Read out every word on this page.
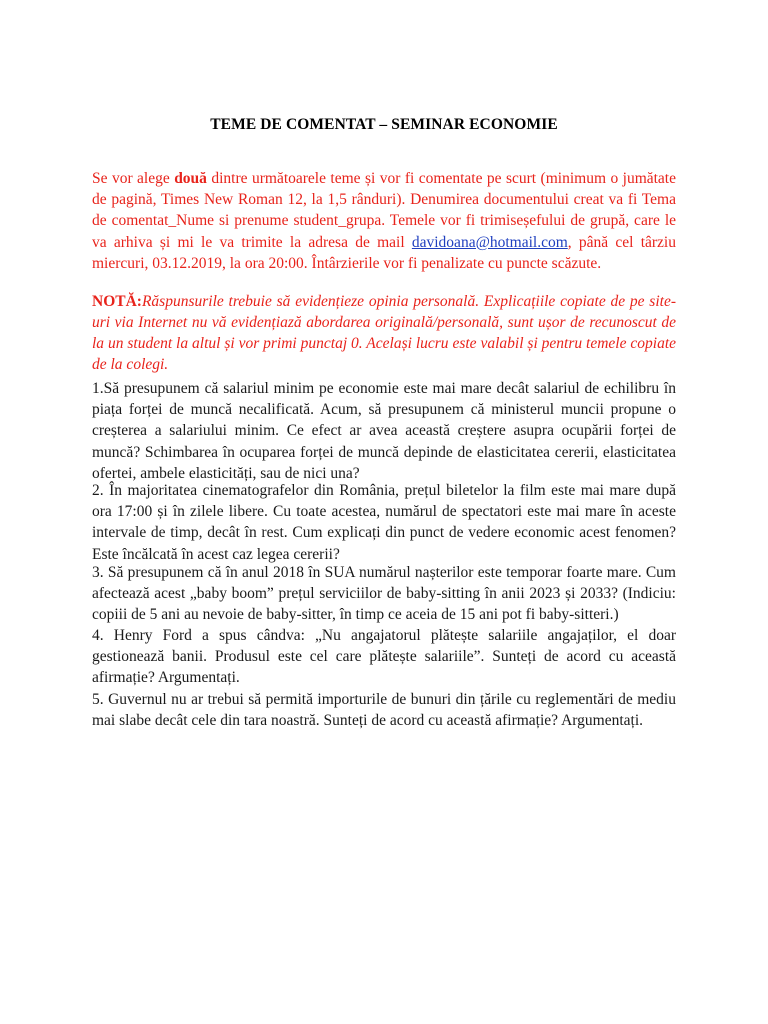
TEME DE COMENTAT – SEMINAR ECONOMIE
Se vor alege două dintre următoarele teme și vor fi comentate pe scurt (minimum o jumătate de pagină, Times New Roman 12, la 1,5 rânduri). Denumirea documentului creat va fi Tema de comentat_Nume si prenume student_grupa. Temele vor fi trimiseșefului de grupă, care le va arhiva și mi le va trimite la adresa de mail davidoana@hotmail.com, până cel târziu miercuri, 03.12.2019, la ora 20:00. Întârzierile vor fi penalizate cu puncte scăzute.
NOTĂ:Răspunsurile trebuie să evidențieze opinia personală. Explicațiile copiate de pe site-uri via Internet nu vă evidențiază abordarea originală/personală, sunt ușor de recunoscut de la un student la altul și vor primi punctaj 0. Același lucru este valabil și pentru temele copiate de la colegi.
1.Să presupunem că salariul minim pe economie este mai mare decât salariul de echilibru în piața forței de muncă necalificată. Acum, să presupunem că ministerul muncii propune o creșterea a salariului minim. Ce efect ar avea această creștere asupra ocupării forței de muncă? Schimbarea în ocuparea forței de muncă depinde de elasticitatea cererii, elasticitatea ofertei, ambele elasticități, sau de nici una?
2. În majoritatea cinematografelor din România, prețul biletelor la film este mai mare după ora 17:00 și în zilele libere. Cu toate acestea, numărul de spectatori este mai mare în aceste intervale de timp, decât în rest. Cum explicați din punct de vedere economic acest fenomen? Este încălcată în acest caz legea cererii?
3. Să presupunem că în anul 2018 în SUA numărul nașterilor este temporar foarte mare. Cum afectează acest „baby boom” prețul serviciilor de baby-sitting în anii 2023 și 2033? (Indiciu: copiii de 5 ani au nevoie de baby-sitter, în timp ce aceia de 15 ani pot fi baby-sitteri.)
4. Henry Ford a spus cândva: „Nu angajatorul plătește salariile angajaților, el doar gestionează banii. Produsul este cel care plătește salariile”. Sunteți de acord cu această afirmație? Argumentați.
5. Guvernul nu ar trebui să permită importurile de bunuri din țările cu reglementări de mediu mai slabe decât cele din tara noastră. Sunteți de acord cu această afirmație? Argumentați.
